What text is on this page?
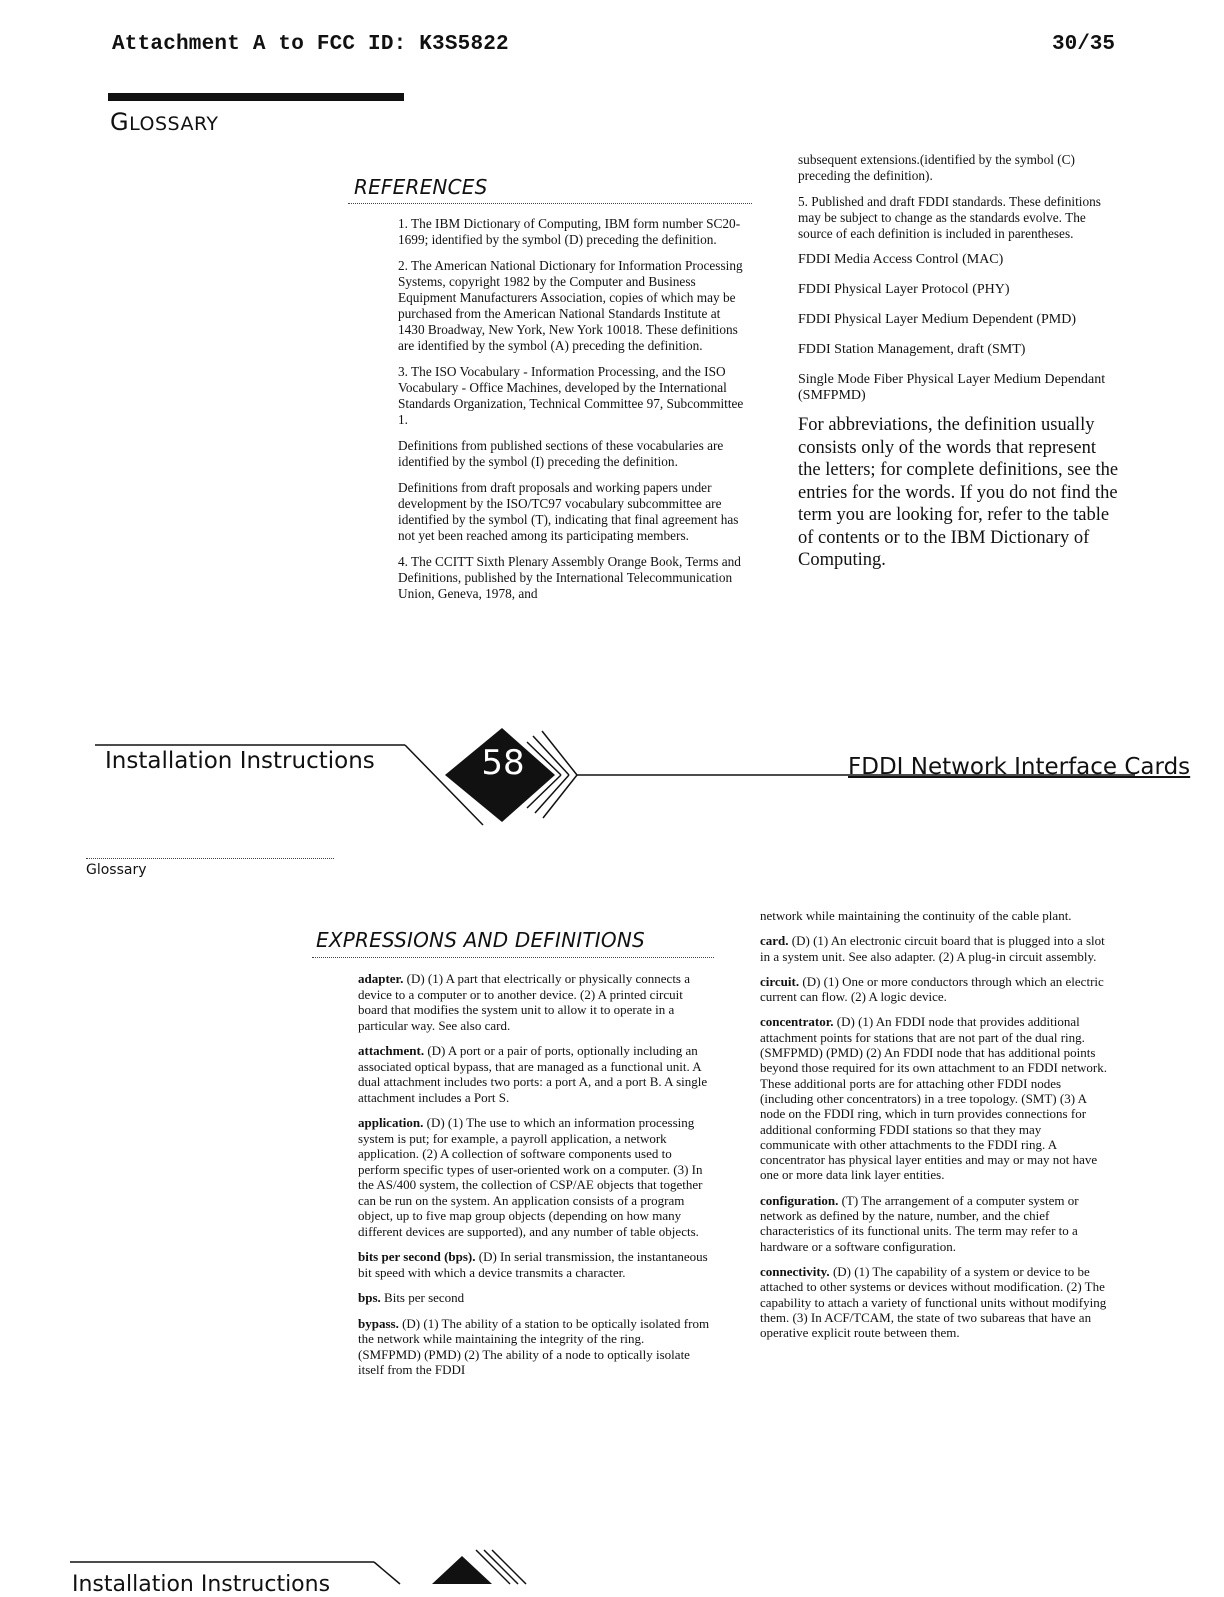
Attachment A to FCC ID: K3S5822	30/35
GLOSSARY
REFERENCES

1. The IBM Dictionary of Computing, IBM form number SC20-1699; identified by the symbol (D) preceding the definition.

2. The American National Dictionary for Information Processing Systems, copyright 1982 by the Computer and Business Equipment Manufacturers Association, copies of which may be purchased from the American National Standards Institute at 1430 Broadway, New York, New York 10018. These definitions are identified by the symbol (A) preceding the definition.

3. The ISO Vocabulary - Information Processing, and the ISO Vocabulary - Office Machines, developed by the International Standards Organization, Technical Committee 97, Subcommittee 1.

Definitions from published sections of these vocabularies are identified by the symbol (I) preceding the definition.

Definitions from draft proposals and working papers under development by the ISO/TC97 vocabulary subcommittee are identified by the symbol (T), indicating that final agreement has not yet been reached among its participating members.

4. The CCITT Sixth Plenary Assembly Orange Book, Terms and Definitions, published by the International Telecommunication Union, Geneva, 1978, and

subsequent extensions.(identified by the symbol (C) preceding the definition).

5. Published and draft FDDI standards. These definitions may be subject to change as the standards evolve. The source of each definition is included in parentheses.

FDDI Media Access Control (MAC)

FDDI Physical Layer Protocol (PHY)

FDDI Physical Layer Medium Dependent (PMD)

FDDI Station Management, draft (SMT)

Single Mode Fiber Physical Layer Medium Dependant (SMFPMD)

For abbreviations, the definition usually consists only of the words that represent the letters; for complete definitions, see the entries for the words. If you do not find the term you are looking for, refer to the table of contents or to the IBM Dictionary of Computing.

58
Installation Instructions	FDDI Network Interface Cards
Glossary
EXPRESSIONS AND DEFINITIONS

adapter. (D) (1) A part that electrically or physically connects a device to a computer or to another device. (2) A printed circuit board that modifies the system unit to allow it to operate in a particular way. See also card.

attachment. (D) A port or a pair of ports, optionally including an associated optical bypass, that are managed as a functional unit. A dual attachment includes two ports: a port A, and a port B. A single attachment includes a Port S.

application. (D) (1) The use to which an information processing system is put; for example, a payroll application, a network application. (2) A collection of software components used to perform specific types of user-oriented work on a computer. (3) In the AS/400 system, the collection of CSP/AE objects that together can be run on the system. An application consists of a program object, up to five map group objects (depending on how many different devices are supported), and any number of table objects.

bits per second (bps). (D) In serial transmission, the instantaneous bit speed with which a device transmits a character.

bps. Bits per second

bypass. (D) (1) The ability of a station to be optically isolated from the network while maintaining the integrity of the ring. (SMFPMD) (PMD) (2) The ability of a node to optically isolate itself from the FDDI

network while maintaining the continuity of the cable plant.

card. (D) (1) An electronic circuit board that is plugged into a slot in a system unit. See also adapter. (2) A plug-in circuit assembly.

circuit. (D) (1) One or more conductors through which an electric current can flow. (2) A logic device.

concentrator. (D) (1) An FDDI node that provides additional attachment points for stations that are not part of the dual ring. (SMFPMD) (PMD) (2) An FDDI node that has additional points beyond those required for its own attachment to an FDDI network. These additional ports are for attaching other FDDI nodes (including other concentrators) in a tree topology. (SMT) (3) A node on the FDDI ring, which in turn provides connections for additional conforming FDDI stations so that they may communicate with other attachments to the FDDI ring. A concentrator has physical layer entities and may or may not have one or more data link layer entities.

configuration. (T) The arrangement of a computer system or network as defined by the nature, number, and the chief characteristics of its functional units. The term may refer to a hardware or a software configuration.

connectivity. (D) (1) The capability of a system or device to be attached to other systems or devices without modification. (2) The capability to attach a variety of functional units without modifying them. (3) In ACF/TCAM, the state of two subareas that have an operative explicit route between them.

Installation Instructions
